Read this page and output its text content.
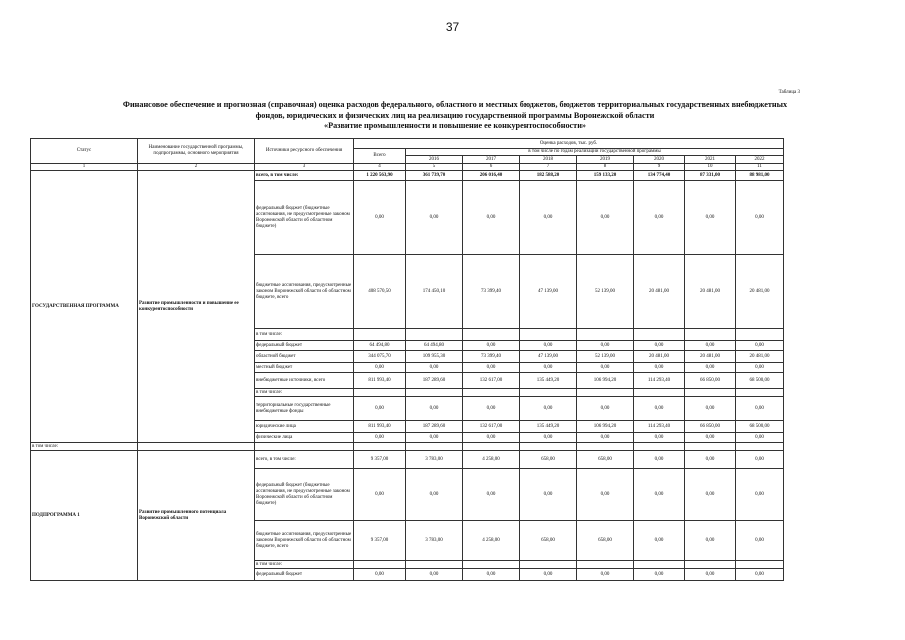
37
Таблица 3
Финансовое обеспечение и прогнозная (справочная) оценка расходов федерального, областного и местных бюджетов, бюджетов территориальных государственных внебюджетных
фондов, юридических и физических лиц на реализацию государственной программы Воронежской области
«Развитие промышленности и повышение ее конкурентоспособности»
Статус	Наименование государственной программы, подпрограммы, основного мероприятия	Источники ресурсного обеспечения	Оценка расходов, тыс. руб.							
			Всего	в том числе по годам реализации государственной программы						
				2016	2017	2018	2019	2020	2021	2022
1	2	3	4	5	6	7	8	9	10	11
ГОСУДАРСТВЕННАЯ ПРОГРАММА	Развитие промышленности и повышение ее конкурентоспособности	всего, в том числе:	1 220 563,90	361 739,70	206 016,40	182 588,20	159 133,20	134 774,40	87 331,00	88 981,00
		федеральный бюджет (бюджетные ассигнования, не предусмотренные законом Воронежской области об областном бюджете)	0,00	0,00	0,00	0,00	0,00	0,00	0,00	0,00
		бюджетные ассигнования, предусмотренные законом Воронежской области об областном бюджете, всего	408 570,50	174 450,10	73 399,40	47 139,00	52 139,00	20 481,00	20 481,00	20 481,00
		в том числе:								
		федеральный бюджет	64 494,80	64 494,80	0,00	0,00	0,00	0,00	0,00	0,00
		областной бюджет	344 075,70	109 955,30	73 399,40	47 139,00	52 139,00	20 481,00	20 481,00	20 481,00
		местный бюджет	0,00	0,00	0,00	0,00	0,00	0,00	0,00	0,00
		внебюджетные источники, всего	811 993,40	187 289,60	132 617,00	135 449,20	106 994,20	114 293,40	66 850,00	68 500,00
		в том числе:								
		территориальные государственные внебюджетные фонды	0,00	0,00	0,00	0,00	0,00	0,00	0,00	0,00
		юридические лица	811 993,40	187 289,60	132 617,00	135 449,20	106 994,20	114 293,40	66 850,00	68 500,00
		физические лица	0,00	0,00	0,00	0,00	0,00	0,00	0,00	0,00
в том числе:										
ПОДПРОГРАММА 1	Развитие промышленного потенциала Воронежской области	всего, в том числе:	9 357,00	3 783,00	4 258,00	658,00	658,00	0,00	0,00	0,00
		федеральный бюджет (бюджетные ассигнования, не предусмотренные законом Воронежской области об областном бюджете)	0,00	0,00	0,00	0,00	0,00	0,00	0,00	0,00
		бюджетные ассигнования, предусмотренные законом Воронежской области об областном бюджете, всего	9 357,00	3 783,00	4 258,00	658,00	658,00	0,00	0,00	0,00
		в том числе:								
		федеральный бюджет	0,00	0,00	0,00	0,00	0,00	0,00	0,00	0,00
